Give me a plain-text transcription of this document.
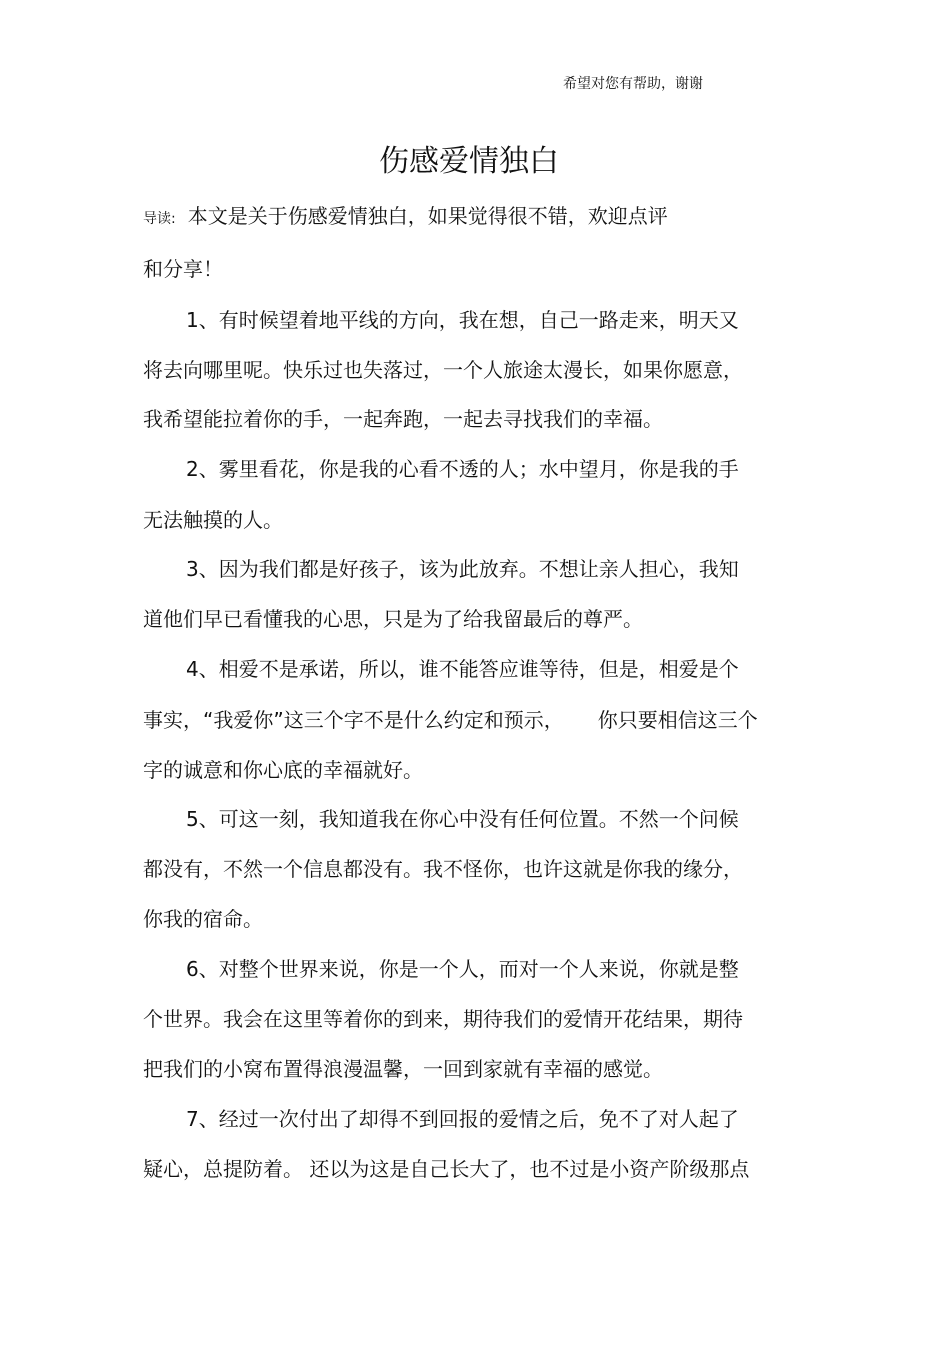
希望对您有帮助，谢谢
伤感爱情独白
导读: 本文是关于伤感爱情独白，如果觉得很不错，欢迎点评
和分享！
1、有时候望着地平线的方向，我在想，自己一路走来，明天又
将去向哪里呢。快乐过也失落过，一个人旅途太漫长，如果你愿意，
我希望能拉着你的手，一起奔跑，一起去寻找我们的幸福。
2、雾里看花，你是我的心看不透的人；水中望月，你是我的手
无法触摸的人。
3、因为我们都是好孩子，该为此放弃。不想让亲人担心，我知
道他们早已看懂我的心思，只是为了给我留最后的尊严。
4、相爱不是承诺，所以，谁不能答应谁等待，但是，相爱是个
事实，“我爱你”这三个字不是什么约定和预示， 你只要相信这三个
字的诚意和你心底的幸福就好。
5、可这一刻，我知道我在你心中没有任何位置。不然一个问候
都没有，不然一个信息都没有。我不怪你，也许这就是你我的缘分，
你我的宿命。
6、对整个世界来说，你是一个人，而对一个人来说，你就是整
个世界。我会在这里等着你的到来，期待我们的爱情开花结果，期待
把我们的小窝布置得浪漫温馨，一回到家就有幸福的感觉。
7、经过一次付出了却得不到回报的爱情之后，免不了对人起了
疑心，总提防着。 还以为这是自己长大了，也不过是小资产阶级那点
